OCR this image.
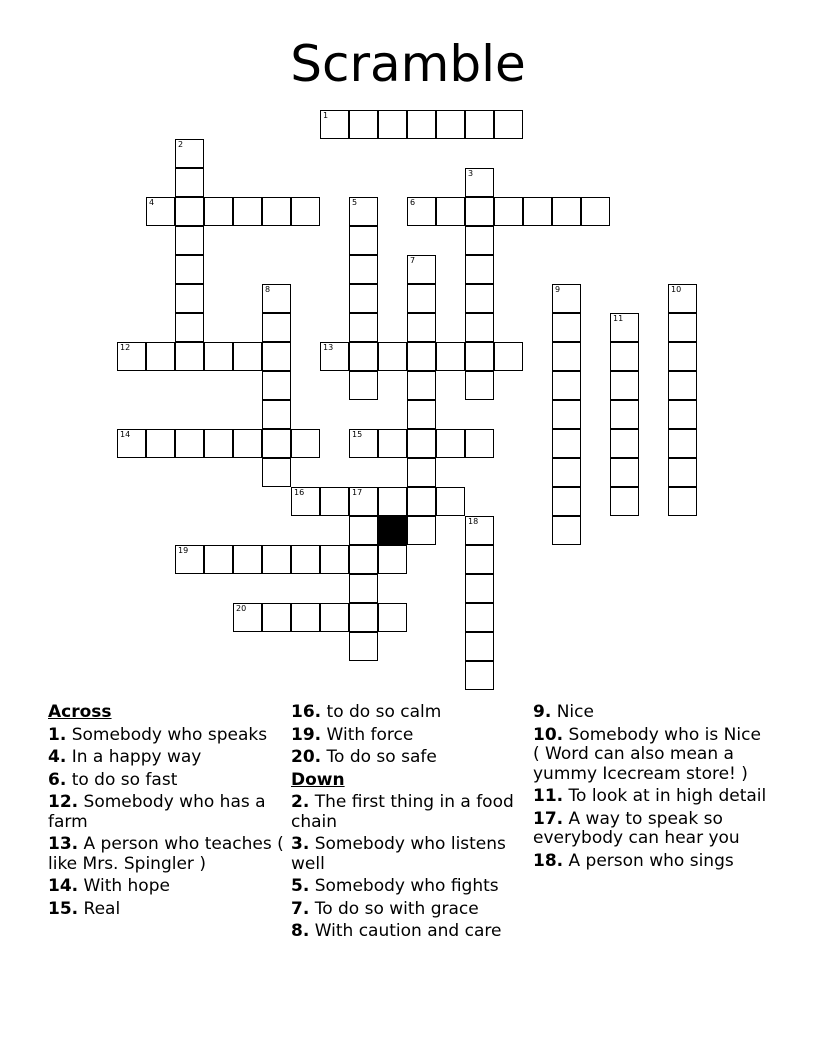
Scramble
1
4	6
12	13
14	15
16	17
19
20
2
3
5
7
8	9	10
11
18
Across
1. Somebody who speaks
4. In a happy way
6. to do so fast
12. Somebody who has a farm
13. A person who teaches ( like Mrs. Spingler )
14. With hope
15. Real
16. to do so calm
19. With force
20. To do so safe
Down
2. The first thing in a food chain
3. Somebody who listens well
5. Somebody who fights
7. To do so with grace
8. With caution and care
9. Nice
10. Somebody who is Nice ( Word can also mean a yummy Icecream store! )
11. To look at in high detail
17. A way to speak so everybody can hear you
18. A person who sings
